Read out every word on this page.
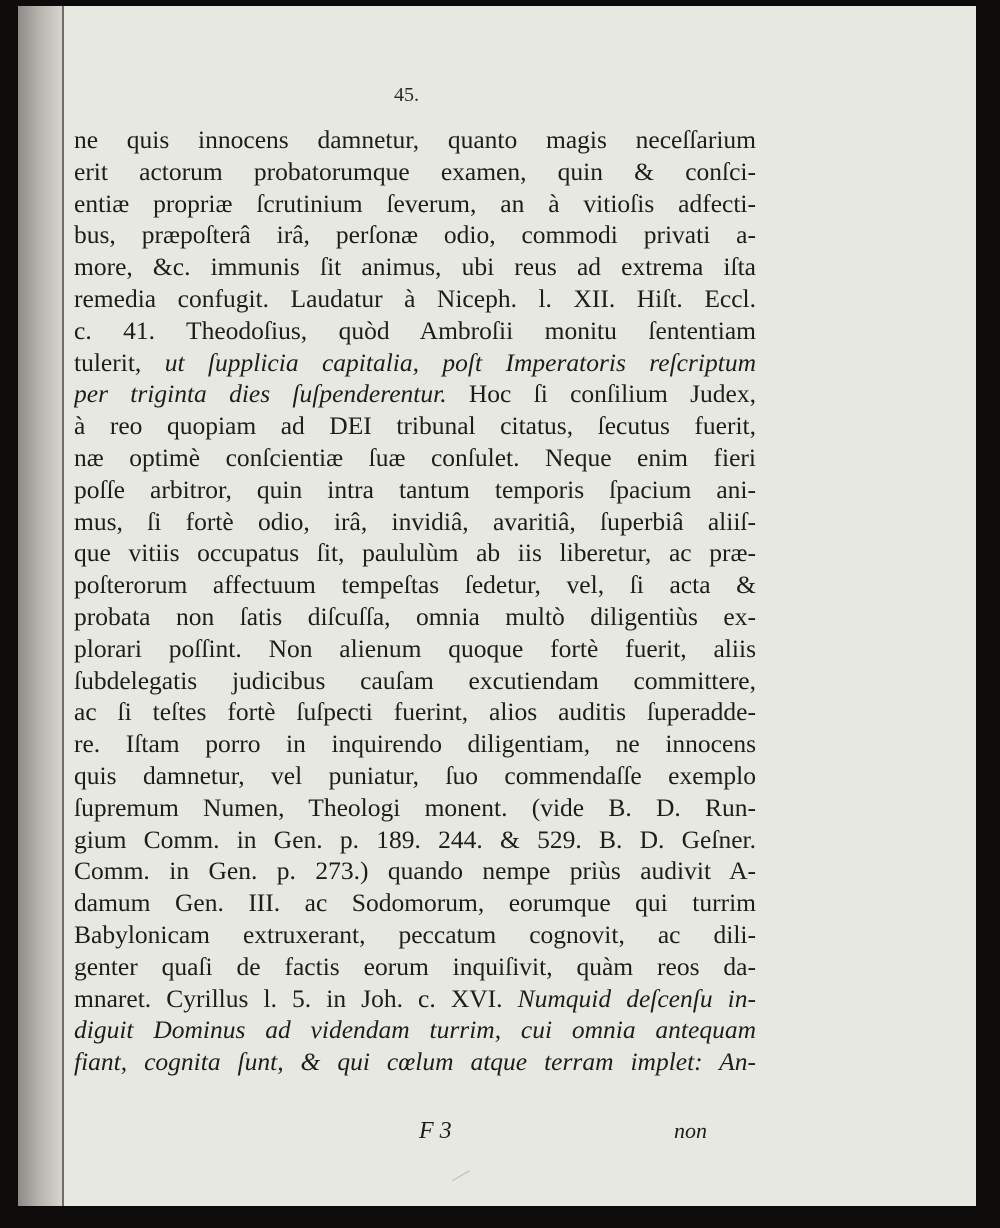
45.
ne quis innocens damnetur, quanto magis neceſſarium
erit actorum probatorumque examen, quin & conſci-
entiæ propriæ ſcrutinium ſeverum, an à vitioſis adfecti-
bus, præpoſterâ irâ, perſonæ odio, commodi privati a-
more, &c. immunis ſit animus, ubi reus ad extrema iſta
remedia confugit. Laudatur à Niceph. l. XII. Hiſt. Eccl.
c. 41. Theodoſius, quòd Ambroſii monitu ſententiam
tulerit, ut ſupplicia capitalia, poſt Imperatoris reſcriptum
per triginta dies ſuſpenderentur. Hoc ſi conſilium Judex,
à reo quopiam ad DEI tribunal citatus, ſecutus fuerit,
næ optimè conſcientiæ ſuæ conſulet. Neque enim fieri
poſſe arbitror, quin intra tantum temporis ſpacium ani-
mus, ſi fortè odio, irâ, invidiâ, avaritiâ, ſuperbiâ aliiſ-
que vitiis occupatus ſit, paululùm ab iis liberetur, ac præ-
poſterorum affectuum tempeſtas ſedetur, vel, ſi acta &
probata non ſatis diſcuſſa, omnia multò diligentiùs ex-
plorari poſſint. Non alienum quoque fortè fuerit, aliis
ſubdelegatis judicibus cauſam excutiendam committere,
ac ſi teſtes fortè ſuſpecti fuerint, alios auditis ſuperadde-
re. Iſtam porro in inquirendo diligentiam, ne innocens
quis damnetur, vel puniatur, ſuo commendaſſe exemplo
ſupremum Numen, Theologi monent. (vide B. D. Run-
gium Comm. in Gen. p. 189. 244. & 529. B. D. Geſner.
Comm. in Gen. p. 273.) quando nempe priùs audivit A-
damum Gen. III. ac Sodomorum, eorumque qui turrim
Babylonicam extruxerant, peccatum cognovit, ac dili-
genter quaſi de factis eorum inquiſivit, quàm reos da-
mnaret. Cyrillus l. 5. in Joh. c. XVI. Numquid deſcenſu in-
diguit Dominus ad videndam turrim, cui omnia antequam
fiant, cognita ſunt, & qui cœlum atque terram implet: An-
F 3	non
